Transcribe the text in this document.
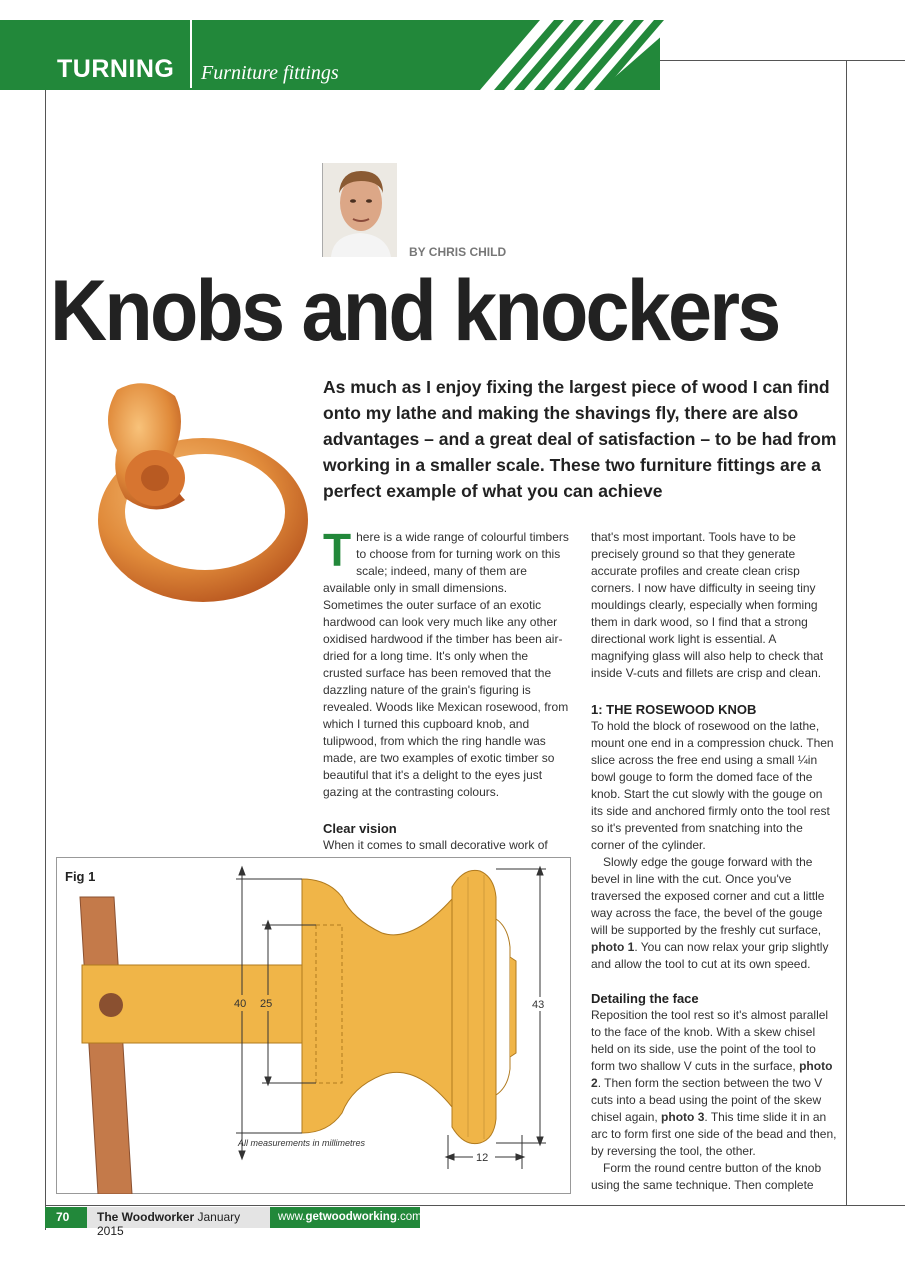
TURNING Furniture fittings
BY CHRIS CHILD
Knobs and knockers
As much as I enjoy fixing the largest piece of wood I can find onto my lathe and making the shavings fly, there are also advantages – and a great deal of satisfaction – to be had from working in a smaller scale. These two furniture fittings are a perfect example of what you can achieve

There is a wide range of colourful timbers to choose from for turning work on this scale; indeed, many of them are available only in small dimensions. Sometimes the outer surface of an exotic hardwood can look very much like any other oxidised hardwood if the timber has been air-dried for a long time. It's only when the crusted surface has been removed that the dazzling nature of the grain's figuring is revealed. Woods like Mexican rosewood, from which I turned this cupboard knob, and tulipwood, from which the ring handle was made, are two examples of exotic timber so beautiful that it's a delight to the eyes just gazing at the contrasting colours.

Clear vision

When it comes to small decorative work of

that's most important. Tools have to be precisely ground so that they generate accurate profiles and create clean crisp corners. I now have difficulty in seeing tiny mouldings clearly, especially when forming them in dark wood, so I find that a strong directional work light is essential. A magnifying glass will also help to check that inside V-cuts and fillets are crisp and clean.

1: THE ROSEWOOD KNOB

To hold the block of rosewood on the lathe, mount one end in a compression chuck. Then slice across the free end using a small ¼in bowl gouge to form the domed face of the knob. Start the cut slowly with the gouge on its side and anchored firmly onto the tool rest so it's prevented from snatching into the corner of the cylinder.

Slowly edge the gouge forward with the bevel in line with the cut. Once you've traversed the exposed corner and cut a little way across the face, the bevel of the gouge will be supported by the freshly cut surface, photo 1. You can now relax your grip slightly and allow the tool to cut at its own speed.

Detailing the face

Reposition the tool rest so it's almost parallel to the face of the knob. With a skew chisel held on its side, use the point of the tool to form two shallow V cuts in the surface, photo 2. Then form the section between the two V cuts into a bead using the point of the skew chisel again, photo 3. This time slide it in an arc to form first one side of the bead and then, by reversing the tool, the other.

Form the round centre button of the knob using the same technique. Then complete

40 25	43
12
Fig 1
All measurements in millimetres
70	The Woodworker January 2015
www.getwoodworking.com
